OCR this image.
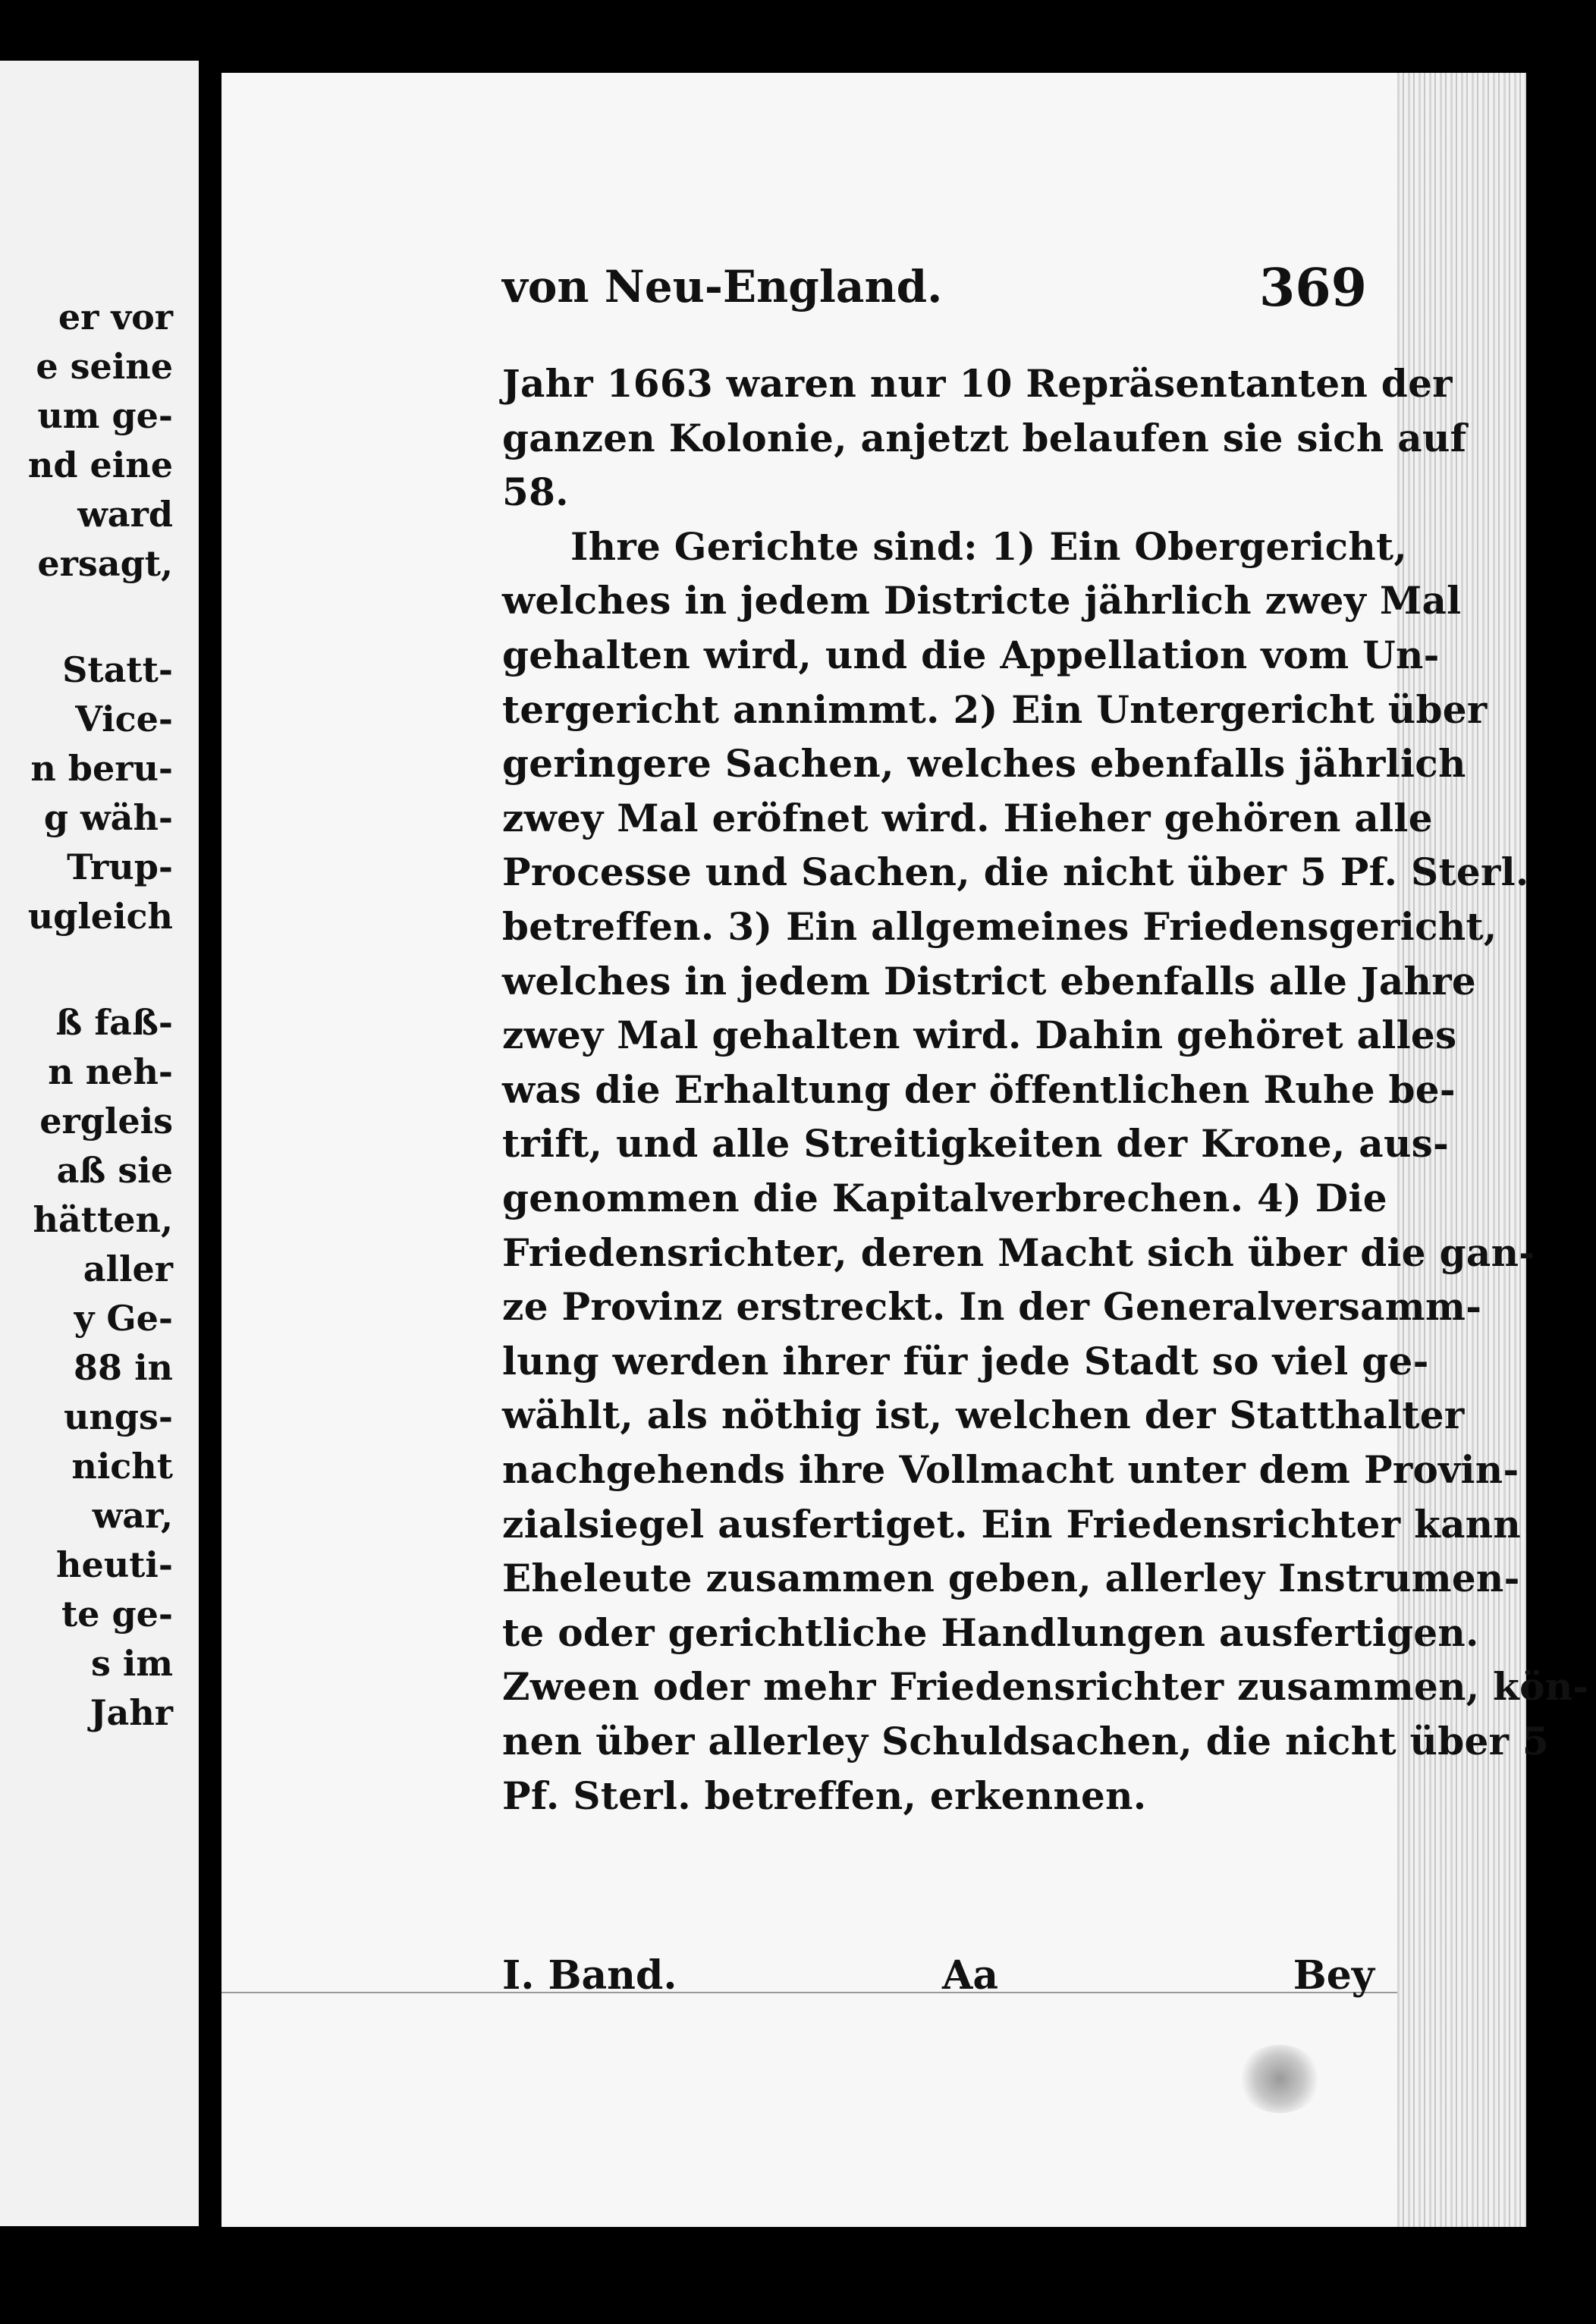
er vor
e seine
um ge-
nd eine
ward
ersagt,
Statt-
Vice-
n beru-
g wäh-
Trup-
ugleich
ß faß-
n neh-
ergleis
aß sie
hätten,
aller
y Ge-
88 in
ungs-
nicht
war,
heuti-
te ge-
s im
Jahr
von Neu-England.	369
Jahr 1663 waren nur 10 Repräsentanten der
ganzen Kolonie, anjetzt belaufen sie sich auf
58.
Ihre Gerichte sind: 1) Ein Obergericht,
welches in jedem Districte jährlich zwey Mal
gehalten wird, und die Appellation vom Un-
tergericht annimmt. 2) Ein Untergericht über
geringere Sachen, welches ebenfalls jährlich
zwey Mal eröfnet wird. Hieher gehören alle
Processe und Sachen, die nicht über 5 Pf. Sterl.
betreffen. 3) Ein allgemeines Friedensgericht,
welches in jedem District ebenfalls alle Jahre
zwey Mal gehalten wird. Dahin gehöret alles
was die Erhaltung der öffentlichen Ruhe be-
trift, und alle Streitigkeiten der Krone, aus-
genommen die Kapitalverbrechen. 4) Die
Friedensrichter, deren Macht sich über die gan-
ze Provinz erstreckt. In der Generalversamm-
lung werden ihrer für jede Stadt so viel ge-
wählt, als nöthig ist, welchen der Statthalter
nachgehends ihre Vollmacht unter dem Provin-
zialsiegel ausfertiget. Ein Friedensrichter kann
Eheleute zusammen geben, allerley Instrumen-
te oder gerichtliche Handlungen ausfertigen.
Zween oder mehr Friedensrichter zusammen, kön-
nen über allerley Schuldsachen, die nicht über 5
Pf. Sterl. betreffen, erkennen.
I. Band.	Aa	Bey
